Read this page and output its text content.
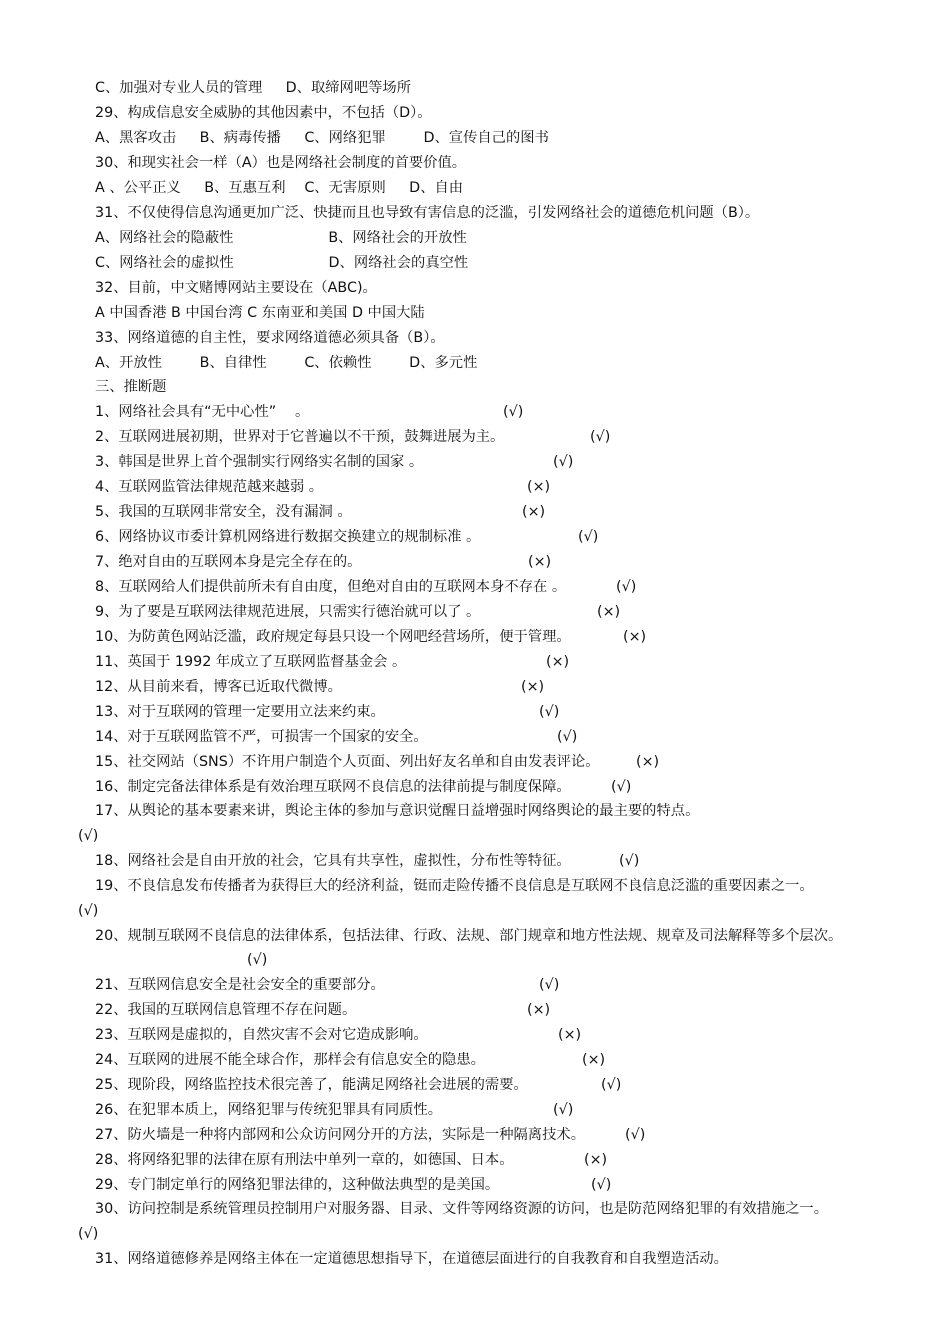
C、加强对专业人员的管理 　 D、取缔网吧等场所
29、构成信息安全威胁的其他因素中，不包括（D）。
A、黑客攻击 　 B、病毒传播 　 C、网络犯罪 　　 D、宣传自己的图书
30、和现实社会一样（A）也是网络社会制度的首要价值。
A 、公平正义 　 B、互惠互利 　C、无害原则 　 D、自由
31、不仅使得信息沟通更加广泛、快捷而且也导致有害信息的泛滥，引发网络社会的道德危机问题（B）。
A、网络社会的隐蔽性 　　　　　　 B、网络社会的开放性
C、网络社会的虚拟性 　　　　　　 D、网络社会的真空性
32、目前，中文赌博网站主要设在（ABC)。
A 中国香港 B 中国台湾 C 东南亚和美国 D 中国大陆
33、网络道德的自主性，要求网络道德必须具备（B）。
A、开放性 　　 B、自律性 　　 C、依赖性 　　 D、多元性
三、推断题
1、网络社会具有“无中心性” 　。	(√)
2、互联网进展初期，世界对于它普遍以不干预，鼓舞进展为主。	(√)
3、韩国是世界上首个强制实行网络实名制的国家 。	(√)
4、互联网监管法律规范越来越弱 。	(×)
5、我国的互联网非常安全，没有漏洞 。	(×)
6、网络协议市委计算机网络进行数据交换建立的规制标准 。	(√)
7、绝对自由的互联网本身是完全存在的。	(×)
8、互联网给人们提供前所未有自由度，但绝对自由的互联网本身不存在 。	(√)
9、为了要是互联网法律规范进展，只需实行德治就可以了 。	(×)
10、为防黄色网站泛滥，政府规定每县只设一个网吧经营场所，便于管理。	(×)
11、英国于 1992 年成立了互联网监督基金会 。	(×)
12、从目前来看，博客已近取代微博。	(×)
13、对于互联网的管理一定要用立法来约束。	(√)
14、对于互联网监管不严，可损害一个国家的安全。	(√)
15、社交网站（SNS）不许用户制造个人页面、列出好友名单和自由发表评论。	(×)
16、制定完备法律体系是有效治理互联网不良信息的法律前提与制度保障。	(√)
17、从舆论的基本要素来讲，舆论主体的参加与意识觉醒日益增强时网络舆论的最主要的特点。
(√)
18、网络社会是自由开放的社会，它具有共享性，虚拟性，分布性等特征。	(√)
19、不良信息发布传播者为获得巨大的经济利益，铤而走险传播不良信息是互联网不良信息泛滥的重要因素之一。
(√)
20、规制互联网不良信息的法律体系，包括法律、行政、法规、部门规章和地方性法规、规章及司法解释等多个层次。
(√)
21、互联网信息安全是社会安全的重要部分。	(√)
22、我国的互联网信息管理不存在问题。	(×)
23、互联网是虚拟的，自然灾害不会对它造成影响。	(×)
24、互联网的进展不能全球合作，那样会有信息安全的隐患。	(×)
25、现阶段，网络监控技术很完善了，能满足网络社会进展的需要。	(√)
26、在犯罪本质上，网络犯罪与传统犯罪具有同质性。	(√)
27、防火墙是一种将内部网和公众访问网分开的方法，实际是一种隔离技术。	(√)
28、将网络犯罪的法律在原有刑法中单列一章的，如德国、日本。	(×)
29、专门制定单行的网络犯罪法律的，这种做法典型的是美国。	(√)
30、访问控制是系统管理员控制用户对服务器、目录、文件等网络资源的访问，也是防范网络犯罪的有效措施之一。
(√)
31、网络道德修养是网络主体在一定道德思想指导下，在道德层面进行的自我教育和自我塑造活动。
